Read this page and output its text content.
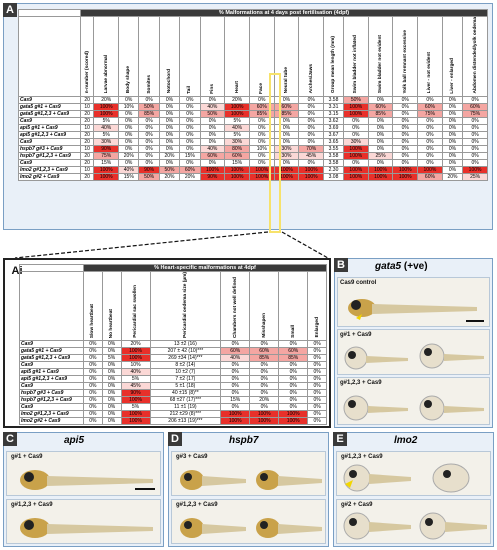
A
		% Malformations at 4 days post fertilisation (4dpf)																	
	n-number (scored)	Larvae abnormal	Body shape	Somites	Notochord	Tail	Fins	Heart	Face	Neural tube	Arches/Jaws	Group mean length (mm)	Swim bladder not inflated	Swim bladder not evident	Yolk ball remnant excessive	Liver - not evident	Liver - enlarged	Abdomen distended/yolk oedema
Cas9	20	20%	0%	0%	0%	0%	0%	20%	0%	0%	0%	3.58	50%	0%	0%	0%	0%	0%
gata5 g#1 + Cas9	10	100%	10%	50%	0%	0%	40%	100%	60%	60%	0%	3.31	100%	60%	0%	60%	0%	60%
gata5 g#1,2,3 + Cas9	20	100%	0%	85%	0%	0%	50%	100%	85%	85%	0%	3.15	100%	85%	0%	75%	0%	75%
Cas9	20	5%	0%	0%	0%	0%	0%	5%	0%	0%	0%	3.62	0%	0%	0%	0%	0%	0%
api5 g#1 + Cas9	10	40%	0%	0%	0%	0%	0%	40%	0%	0%	0%	3.69	0%	0%	0%	0%	0%	0%
api5 g#1,2,3 + Cas9	20	5%	0%	0%	0%	0%	0%	5%	0%	0%	0%	3.67	0%	0%	0%	0%	0%	0%
Cas9	20	30%	0%	0%	0%	0%	0%	30%	0%	0%	0%	3.65	30%	0%	0%	0%	0%	0%
hspb7 g#3 + Cas9	10	90%	0%	0%	0%	0%	40%	80%	10%	30%	70%	3.55	100%	0%	0%	0%	0%	0%
hspb7 g#1,2,3 + Cas9	20	75%	20%	0%	20%	15%	60%	60%	0%	30%	45%	3.58	100%	25%	0%	0%	0%	0%
Cas9	20	15%	0%	0%	0%	0%	0%	15%	0%	0%	0%	3.58	0%	0%	0%	0%	0%	0%
lmo2 g#1,2,3 + Cas9	10	100%	40%	90%	50%	60%	100%	100%	100%	100%	100%	2.30	100%	100%	100%	100%	0%	100%
lmo2 g#2 + Cas9	20	100%	15%	50%	20%	20%	90%	100%	100%	100%	100%	3.08	100%	100%	100%	60%	20%	25%
Ai
		% Heart-specific malformations at 4dpf							
	Slow heartbeat	No heartbeat	Pericardial sac swollen	Pericardial oedema size (µm)	Chambers not well defined	Misshapen	Small	Enlarged
Cas9	0%	0%	20%	13 ±2 (16)	0%	0%	0%	0%
gata5 g#1 + Cas9	0%	0%	100%	207 ± 42 (10)***	60%	60%	60%	0%
gata5 g#1,2,3 + Cas9	0%	5%	100%	269 ±34 (14)***	40%	85%	85%	0%
Cas9	0%	0%	10%	8 ±2 (14)	0%	0%	0%	0%
api5 g#1 + Cas9	0%	0%	40%	10 ±2 (7)	0%	0%	0%	0%
api5 g#1,2,3 + Cas9	0%	0%	5%	7 ±2 (17)	0%	0%	0%	0%
Cas9	0%	0%	45%	5 ±1 (18)	0%	0%	0%	0%
hspb7 g#3 + Cas9	0%	0%	90%	40 ±15 (8)**	0%	0%	0%	0%
hspb7 g#1,2,3 + Cas9	0%	0%	100%	68 ±27 (17)***	15%	20%	0%	0%
Cas9	0%	0%	5%	11 ±1 (19)	0%	0%	0%	0%
lmo2 g#1,2,3 + Cas9	0%	0%	100%	212 ±29 (8)***	100%	100%	100%	0%
lmo2 g#2 + Cas9	0%	0%	100%	206 ±13 (19)***	100%	100%	100%	0%
B	gata5 (+ve)
Cas9 control
g#1 + Cas9
g#1,2,3 + Cas9
C	api5
g#1 + Cas9
g#1,2,3 + Cas9
D	hspb7
g#3 + Cas9
g#1,2,3 + Cas9
E	lmo2
g#1,2,3 + Cas9
g#2 + Cas9
